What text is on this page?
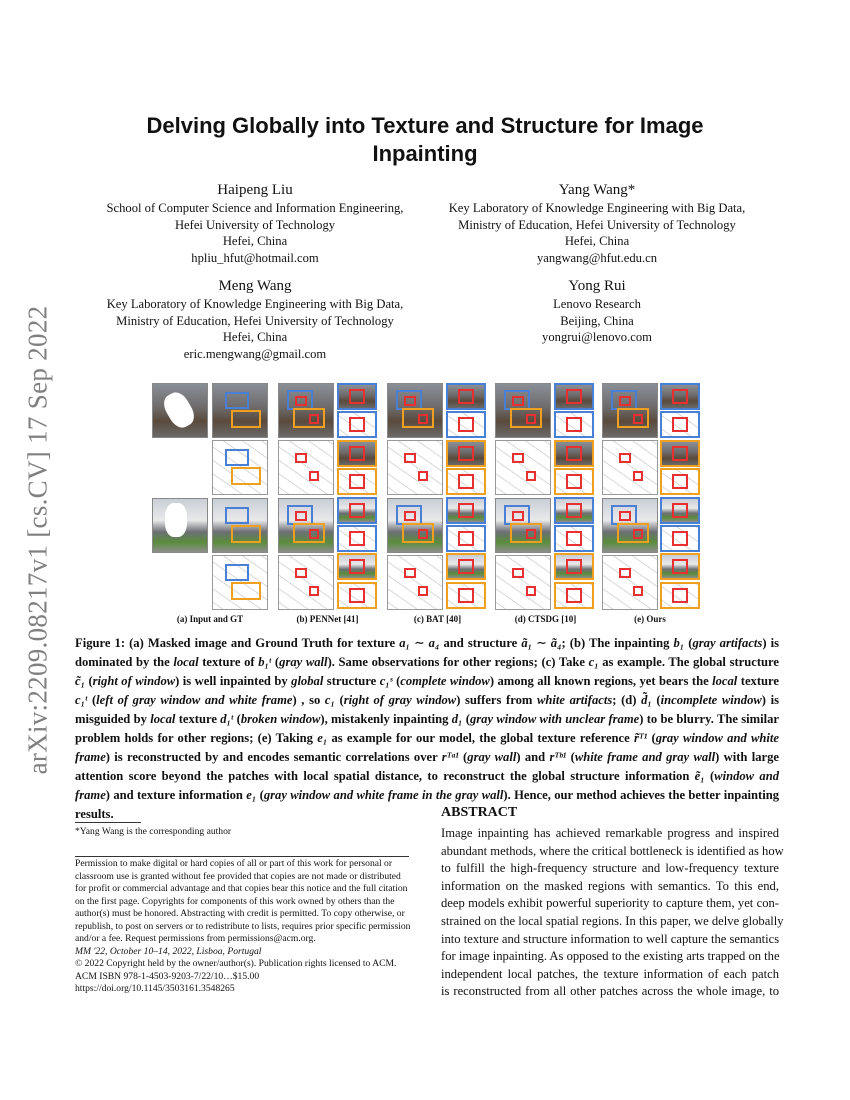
arXiv:2209.08217v1 [cs.CV] 17 Sep 2022
Delving Globally into Texture and Structure for Image
Inpainting
Haipeng Liu
School of Computer Science and Information Engineering,
Hefei University of Technology
Hefei, China
hpliu_hfut@hotmail.com
Yang Wang*
Key Laboratory of Knowledge Engineering with Big Data,
Ministry of Education, Hefei University of Technology
Hefei, China
yangwang@hfut.edu.cn
Meng Wang
Key Laboratory of Knowledge Engineering with Big Data,
Ministry of Education, Hefei University of Technology
Hefei, China
eric.mengwang@gmail.com
Yong Rui
Lenovo Research
Beijing, China
yongrui@lenovo.com
(a) Input and GT	(b) PENNet [41]	(c) BAT [40]	(d) CTSDG [10]	(e) Ours
Figure 1: (a) Masked image and Ground Truth for texture a₁ ∼ a₄ and structure ã₁ ∼ ã₄; (b) The inpainting b₁ (gray artifacts) is dominated by the local texture of b₁ᵗ (gray wall). Same observations for other regions; (c) Take c₁ as example. The global structure c̃₁ (right of window) is well inpainted by global structure c₁ˢ (complete window) among all known regions, yet bears the local texture c₁ᵗ (left of gray window and white frame) , so c₁ (right of gray window) suffers from white artifacts; (d) d̃₁ (incomplete window) is misguided by local texture d₁ᵗ (broken window), mistakenly inpainting d₁ (gray window with unclear frame) to be blurry. The similar problem holds for other regions; (e) Taking e₁ as example for our model, the global texture reference r̃ᵀ¹ (gray window and white frame) is reconstructed by and encodes semantic correlations over rᵀᵃ¹ (gray wall) and rᵀᵇ¹ (white frame and gray wall) with large attention score beyond the patches with local spatial distance, to reconstruct the global structure information ẽ₁ (window and frame) and texture information e₁ (gray window and white frame in the gray wall). Hence, our method achieves the better inpainting results.
*Yang Wang is the corresponding author
Permission to make digital or hard copies of all or part of this work for personal or
classroom use is granted without fee provided that copies are not made or distributed
for profit or commercial advantage and that copies bear this notice and the full citation
on the first page. Copyrights for components of this work owned by others than the
author(s) must be honored. Abstracting with credit is permitted. To copy otherwise, or
republish, to post on servers or to redistribute to lists, requires prior specific permission
and/or a fee. Request permissions from permissions@acm.org.
MM '22, October 10–14, 2022, Lisboa, Portugal
© 2022 Copyright held by the owner/author(s). Publication rights licensed to ACM.
ACM ISBN 978-1-4503-9203-7/22/10…$15.00
https://doi.org/10.1145/3503161.3548265
ABSTRACT
Image inpainting has achieved remarkable progress and inspired
abundant methods, where the critical bottleneck is identified as how
to fulfill the high-frequency structure and low-frequency texture
information on the masked regions with semantics. To this end,
deep models exhibit powerful superiority to capture them, yet con-
strained on the local spatial regions. In this paper, we delve globally
into texture and structure information to well capture the semantics
for image inpainting. As opposed to the existing arts trapped on the
independent local patches, the texture information of each patch
is reconstructed from all other patches across the whole image, to
